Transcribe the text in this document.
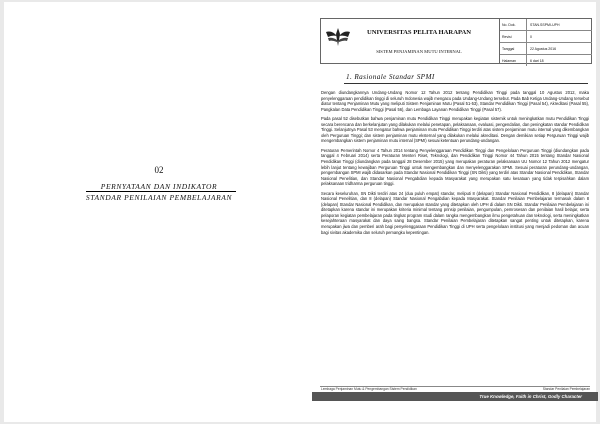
02
PERNYATAAN DAN INDIKATOR
STANDAR PENILAIAN PEMBELAJARAN
UNIVERSITAS PELITA HARAPAN
SISTEM PENJAMINAN MUTU INTERNAL
No. Dok.	STAN.SSPMI-UPH
Revisi	0
Tanggal	22 Agustus 2016
Halaman	6 dari 18
1. Rasionale Standar SPMI

Dengan diundangkannya Undang-Undang Nomor 12 Tahun 2012 tentang Pendidikan Tinggi pada tanggal 10 Agustus 2012, maka penyelenggaraan pendidikan tinggi di seluruh Indonesia wajib mengacu pada Undang-Undang tersebut. Pada Bab Ketiga Undang-Undang tersebut diatur tentang Penjaminan Mutu yang meliputi Sistem Penjaminan Mutu (Pasal 51-53), Standar Pendidikan Tinggi (Pasal 54), Akreditasi (Pasal 55), Pangkalan Data Pendidikan Tinggi (Pasal 56), dan Lembaga Layanan Pendidikan Tinggi (Pasal 57).

Pada pasal 52 disebutkan bahwa penjaminan mutu Pendidikan Tinggi merupakan kegiatan sistemik untuk meningkatkan mutu Pendidikan Tinggi secara berencana dan berkelanjutan yang dilakukan melalui penetapan, pelaksanaan, evaluasi, pengendalian, dan peningkatan standar Pendidikan Tinggi. Selanjutnya Pasal 53 mengatur bahwa penjaminan mutu Pendidikan Tinggi terdiri atas sistem penjaminan mutu internal yang dikembangkan oleh Perguruan Tinggi; dan sistem penjaminan mutu eksternal yang dilakukan melalui akreditasi. Dengan demikian setiap Perguruan Tinggi wajib mengembangkan sistem penjaminan mutu internal (SPMI) sesuai ketentuan perundang-undangan.

Peraturan Pemerintah Nomor 4 Tahun 2014 tentang Penyelenggaraan Pendidikan Tinggi dan Pengelolaan Perguruan Tinggi (diundangkan pada tanggal 4 Februari 2014) serta Peraturan Menteri Riset, Teknologi, dan Pendidikan Tinggi Nomor 44 Tahun 2015 tentang Standar Nasional Pendidikan Tinggi (diundangkan pada tanggal 28 Desember 2015) yang merupakan peraturan pelaksanaan UU Nomor 12 Tahun 2012 mengatur lebih lanjut tentang kewajiban Perguruan Tinggi untuk mengembangkan dan menyelenggarakan SPMI. Sesuai peraturan perundang-undangan, pengembangan SPMI wajib didasarkan pada Standar Nasional Pendidikan Tinggi (SN Dikti) yang terdiri atas Standar Nasional Pendidikan, Standar Nasional Penelitian, dan Standar Nasional Pengabdian kepada Masyarakat yang merupakan satu kesatuan yang tidak terpisahkan dalam pelaksanaan tridharma perguruan tinggi.

Secara keseluruhan, SN Dikti terdiri atas 24 (dua puluh empat) standar, meliputi 8 (delapan) Standar Nasional Pendidikan, 8 (delapan) Standar Nasional Penelitian, dan 8 (delapan) Standar Nasional Pengabdian kepada Masyarakat. Standar Penilaian Pembelajaran termasuk dalam 8 (delapan) Standar Nasional Pendidikan, dan merupakan standar yang ditetapkan oleh UPH di dalam SN Dikti. Standar Penilaian Pembelajaran ini ditetapkan karena standar ini merupakan kriteria minimal tentang prinsip penilaian, pengumpulan, pemrosesan dan penilaian hasil belajar, serta pelaporan kegiatan pembelajaran pada tingkat program studi dalam rangka mengembangkan ilmu pengetahuan dan teknologi, serta meningkatkan kesejahteraan masyarakat dan daya saing bangsa. Standar Penilaian Pembelajaran ditetapkan sangat penting untuk ditetapkan, karena merupakan jiwa dan pemberi arah bagi penyelenggaraan Pendidikan Tinggi di UPH serta pengelolaan institusi yang menjadi pedoman dan acuan bagi sivitas akademika dan seluruh pemangku kepentingan.

Lembaga Penjaminan Mutu & Pengembangan Sistem Pendidikan	Standar Penilaian Pembelajaran
True Knowledge, Faith in Christ, Godly Character
